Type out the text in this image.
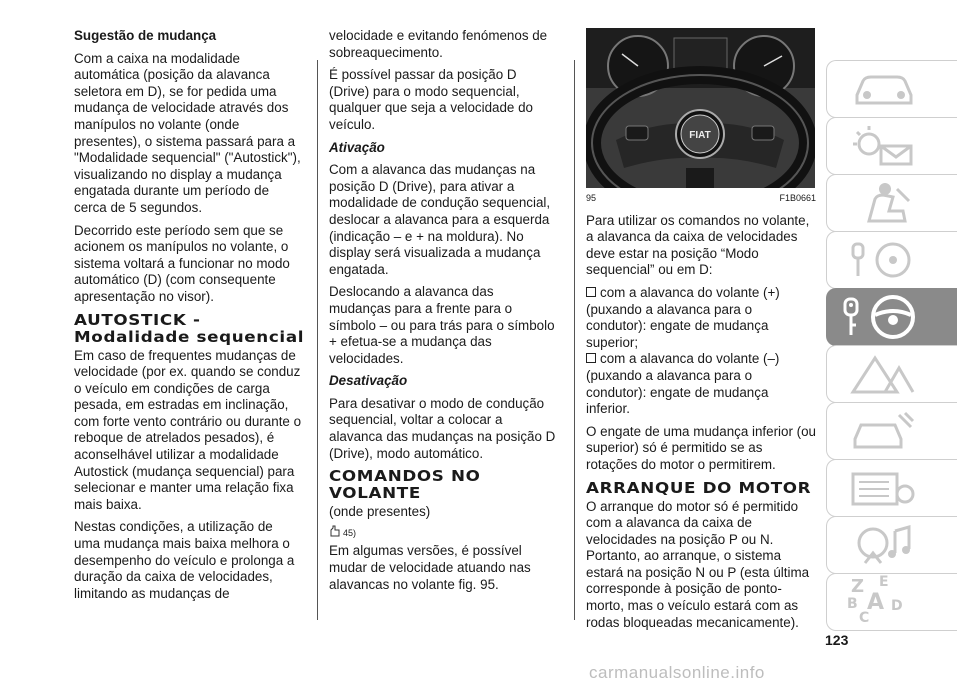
Sugestão de mudança

Com a caixa na modalidade automática (posição da alavanca seletora em D), se for pedida uma mudança de velocidade através dos manípulos no volante (onde presentes), o sistema passará para a "Modalidade sequencial" ("Autostick"), visualizando no display a mudança engatada durante um período de cerca de 5 segundos.

Decorrido este período sem que se acionem os manípulos no volante, o sistema voltará a funcionar no modo automático (D) (com consequente apresentação no visor).

AUTOSTICK - Modalidade sequencial

Em caso de frequentes mudanças de velocidade (por ex. quando se conduz o veículo em condições de carga pesada, em estradas em inclinação, com forte vento contrário ou durante o reboque de atrelados pesados), é aconselhável utilizar a modalidade Autostick (mudança sequencial) para selecionar e manter uma relação fixa mais baixa.

Nestas condições, a utilização de uma mudança mais baixa melhora o desempenho do veículo e prolonga a duração da caixa de velocidades, limitando as mudanças de

velocidade e evitando fenómenos de sobreaquecimento.

É possível passar da posição D (Drive) para o modo sequencial, qualquer que seja a velocidade do veículo.

Ativação

Com a alavanca das mudanças na posição D (Drive), para ativar a modalidade de condução sequencial, deslocar a alavanca para a esquerda (indicação – e + na moldura). No display será visualizada a mudança engatada.

Deslocando a alavanca das mudanças para a frente para o símbolo – ou para trás para o símbolo + efetua-se a mudança das velocidades.

Desativação

Para desativar o modo de condução sequencial, voltar a colocar a alavanca das mudanças na posição D (Drive), modo automático.

COMANDOS NO VOLANTE

(onde presentes)

45)

Em algumas versões, é possível mudar de velocidade atuando nas alavancas no volante fig. 95.

FIAT
95	F1B0661

Para utilizar os comandos no volante, a alavanca da caixa de velocidades deve estar na posição “Modo sequencial” ou em D:

com a alavanca do volante (+) (puxando a alavanca para o condutor): engate de mudança superior;

com a alavanca do volante (–) (puxando a alavanca para o condutor): engate de mudança inferior.

O engate de uma mudança inferior (ou superior) só é permitido se as rotações do motor o permitirem.

ARRANQUE DO MOTOR

O arranque do motor só é permitido com a alavanca da caixa de velocidades na posição P ou N. Portanto, ao arranque, o sistema estará na posição N ou P (esta última corresponde à posição de ponto-morto, mas o veículo estará com as rodas bloqueadas mecanicamente).

Z E
B A
C
D
123
carmanualsonline.info
